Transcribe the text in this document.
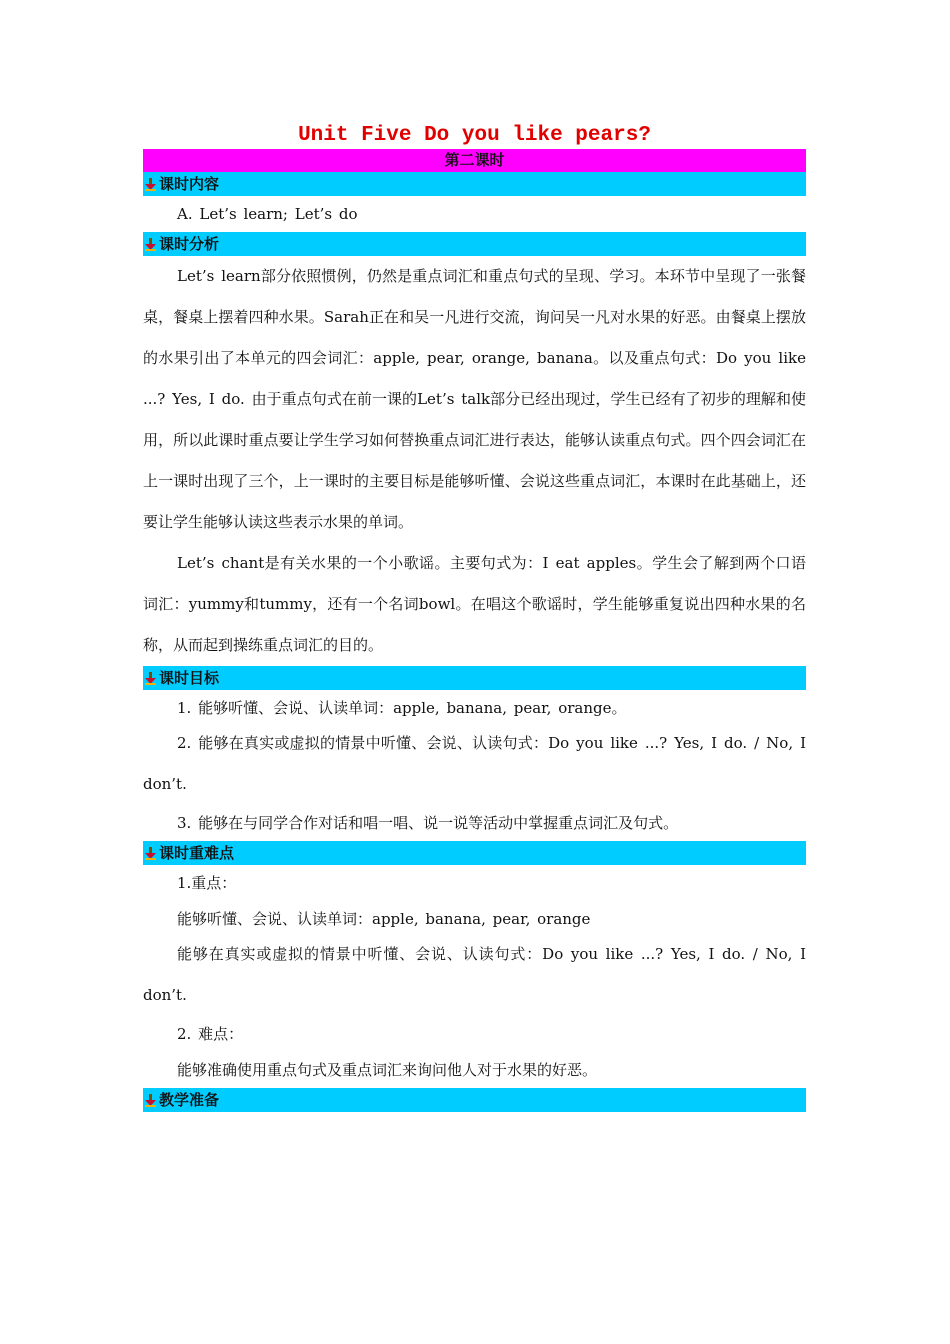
Unit Five Do you like pears?
第二课时
课时内容
A. Let’s learn; Let’s do
课时分析
Let’s learn部分依照惯例，仍然是重点词汇和重点句式的呈现、学习。本环节中呈现了一张餐桌，餐桌上摆着四种水果。Sarah正在和吴一凡进行交流，询问吴一凡对水果的好恶。由餐桌上摆放的水果引出了本单元的四会词汇：apple, pear, orange, banana。以及重点句式：Do you like ...? Yes, I do. 由于重点句式在前一课的Let’s talk部分已经出现过，学生已经有了初步的理解和使用，所以此课时重点要让学生学习如何替换重点词汇进行表达，能够认读重点句式。四个四会词汇在上一课时出现了三个，上一课时的主要目标是能够听懂、会说这些重点词汇，本课时在此基础上，还要让学生能够认读这些表示水果的单词。
Let’s chant是有关水果的一个小歌谣。主要句式为：I eat apples。学生会了解到两个口语词汇：yummy和tummy，还有一个名词bowl。在唱这个歌谣时，学生能够重复说出四种水果的名称，从而起到操练重点词汇的目的。
课时目标
1. 能够听懂、会说、认读单词：apple, banana, pear, orange。
2. 能够在真实或虚拟的情景中听懂、会说、认读句式：Do you like ...? Yes, I do. / No, I don’t.
3. 能够在与同学合作对话和唱一唱、说一说等活动中掌握重点词汇及句式。
课时重难点
1.重点：
能够听懂、会说、认读单词：apple, banana, pear, orange
能够在真实或虚拟的情景中听懂、会说、认读句式：Do you like ...? Yes, I do. / No, I don’t.
2. 难点：
能够准确使用重点句式及重点词汇来询问他人对于水果的好恶。
教学准备
